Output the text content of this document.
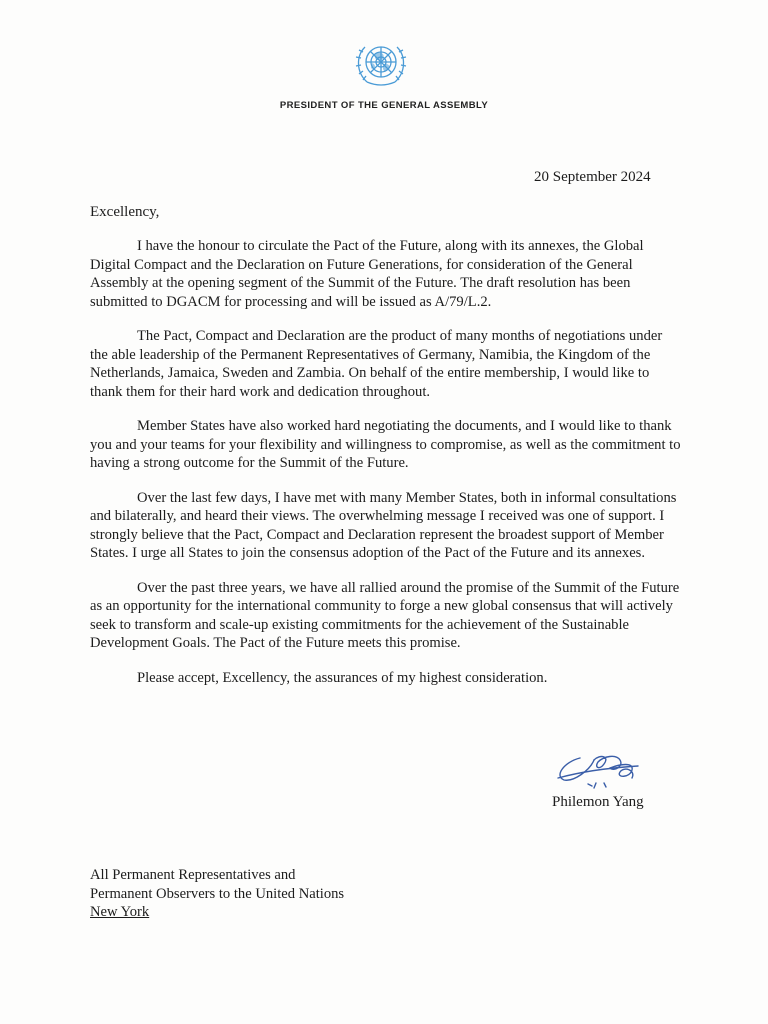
PRESIDENT OF THE GENERAL ASSEMBLY
20 September 2024
Excellency,

I have the honour to circulate the Pact of the Future, along with its annexes, the Global Digital Compact and the Declaration on Future Generations, for consideration of the General Assembly at the opening segment of the Summit of the Future. The draft resolution has been submitted to DGACM for processing and will be issued as A/79/L.2.

The Pact, Compact and Declaration are the product of many months of negotiations under the able leadership of the Permanent Representatives of Germany, Namibia, the Kingdom of the Netherlands, Jamaica, Sweden and Zambia. On behalf of the entire membership, I would like to thank them for their hard work and dedication throughout.

Member States have also worked hard negotiating the documents, and I would like to thank you and your teams for your flexibility and willingness to compromise, as well as the commitment to having a strong outcome for the Summit of the Future.

Over the last few days, I have met with many Member States, both in informal consultations and bilaterally, and heard their views. The overwhelming message I received was one of support. I strongly believe that the Pact, Compact and Declaration represent the broadest support of Member States. I urge all States to join the consensus adoption of the Pact of the Future and its annexes.

Over the past three years, we have all rallied around the promise of the Summit of the Future as an opportunity for the international community to forge a new global consensus that will actively seek to transform and scale-up existing commitments for the achievement of the Sustainable Development Goals. The Pact of the Future meets this promise.

Please accept, Excellency, the assurances of my highest consideration.

Philemon Yang
All Permanent Representatives and
Permanent Observers to the United Nations
New York
